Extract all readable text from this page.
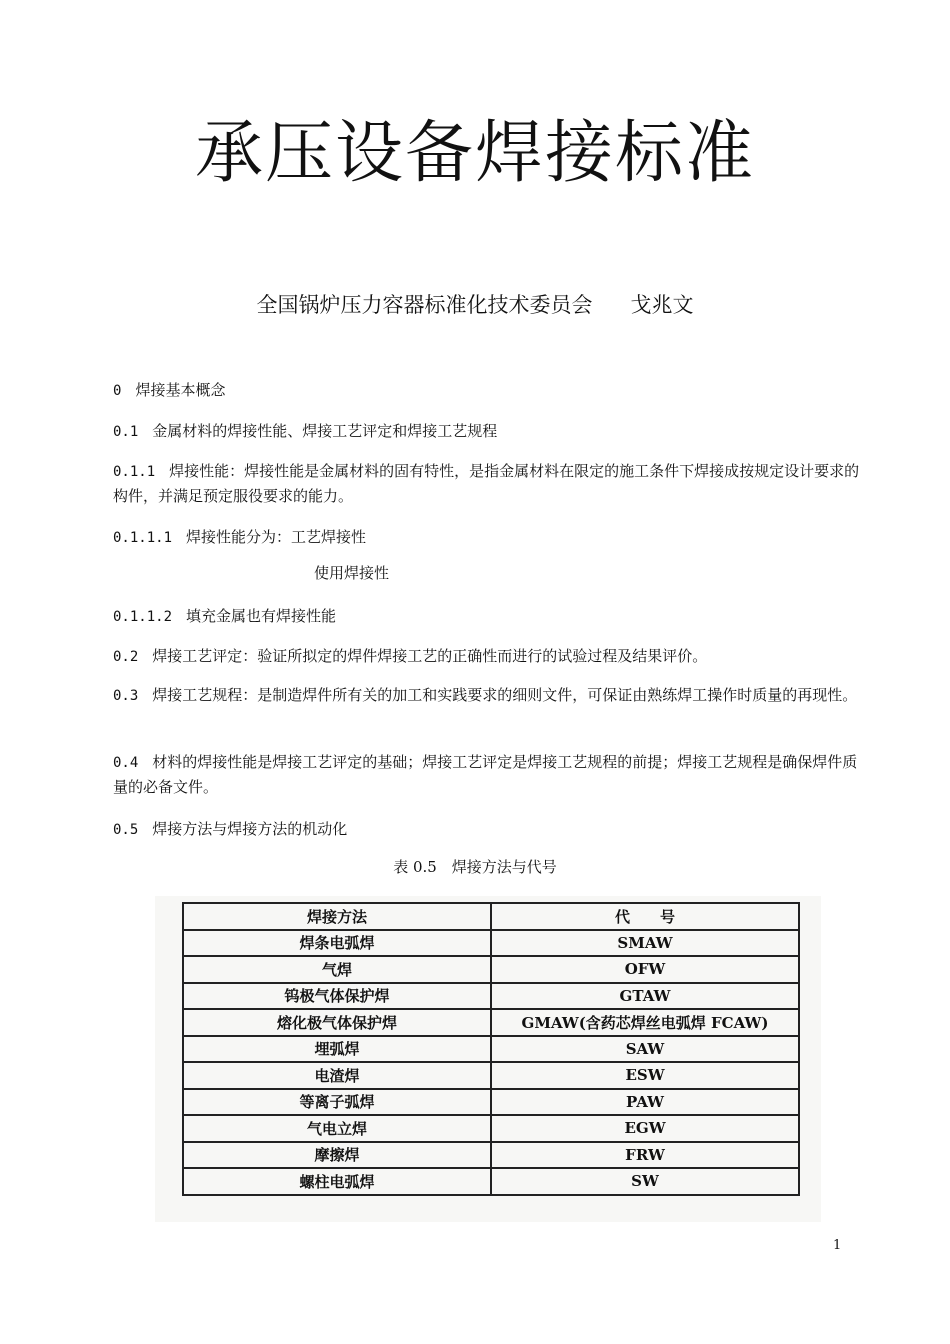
承压设备焊接标准
全国锅炉压力容器标准化技术委员会 戈兆文
0 焊接基本概念
0.1 金属材料的焊接性能、焊接工艺评定和焊接工艺规程
0.1.1 焊接性能：焊接性能是金属材料的固有特性，是指金属材料在限定的施工条件下焊接成按规定设计要求的构件，并满足预定服役要求的能力。
0.1.1.1 焊接性能分为：工艺焊接性
使用焊接性
0.1.1.2 填充金属也有焊接性能
0.2 焊接工艺评定：验证所拟定的焊件焊接工艺的正确性而进行的试验过程及结果评价。
0.3 焊接工艺规程：是制造焊件所有关的加工和实践要求的细则文件，可保证由熟练焊工操作时质量的再现性。
0.4 材料的焊接性能是焊接工艺评定的基础；焊接工艺评定是焊接工艺规程的前提；焊接工艺规程是确保焊件质量的必备文件。
0.5 焊接方法与焊接方法的机动化
表 0.5　焊接方法与代号
焊接方法	代　　号
焊条电弧焊	SMAW
气焊	OFW
钨极气体保护焊	GTAW
熔化极气体保护焊	GMAW(含药芯焊丝电弧焊 FCAW)
埋弧焊	SAW
电渣焊	ESW
等离子弧焊	PAW
气电立焊	EGW
摩擦焊	FRW
螺柱电弧焊	SW
1
